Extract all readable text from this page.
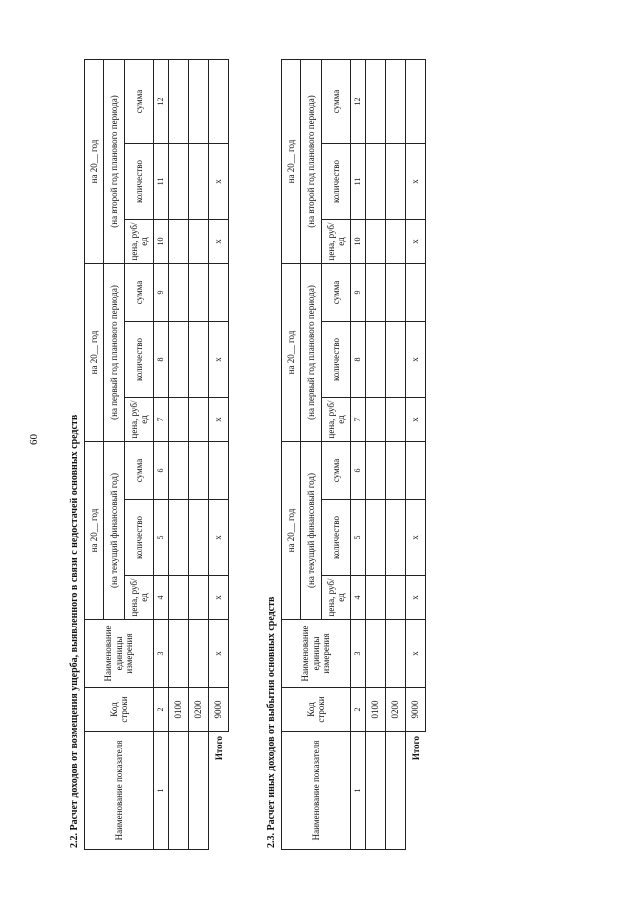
60	2.2. Расчет доходов от возмещения ущерба, выявленного в связи с недостачей основных средств	Наименование показателя	Код строки	Наименование единицы измерения	на 20__ год			на 20__ год			на 20__ год		
			(на текущий финансовый год)			(на первый год планового периода)			(на второй год планового периода)		
			цена, руб/ед	количество	сумма	цена, руб/ед	количество	сумма	цена, руб/ед	количество	сумма
1	2	3	4	5	6	7	8	9	10	11	12
	0100										
	0200										
Итого	9000	x	x	x		x	x		x	x	
2.3. Расчет иных доходов от выбытия основных средств	Наименование показателя	Код строки	Наименование единицы измерения	на 20__ год			на 20__ год			на 20__ год		
			(на текущий финансовый год)			(на первый год планового периода)			(на второй год планового периода)		
			цена, руб/ед	количество	сумма	цена, руб/ед	количество	сумма	цена, руб/ед	количество	сумма
1	2	3	4	5	6	7	8	9	10	11	12
	0100										
	0200										
Итого	9000	x	x	x		x	x		x	x	
